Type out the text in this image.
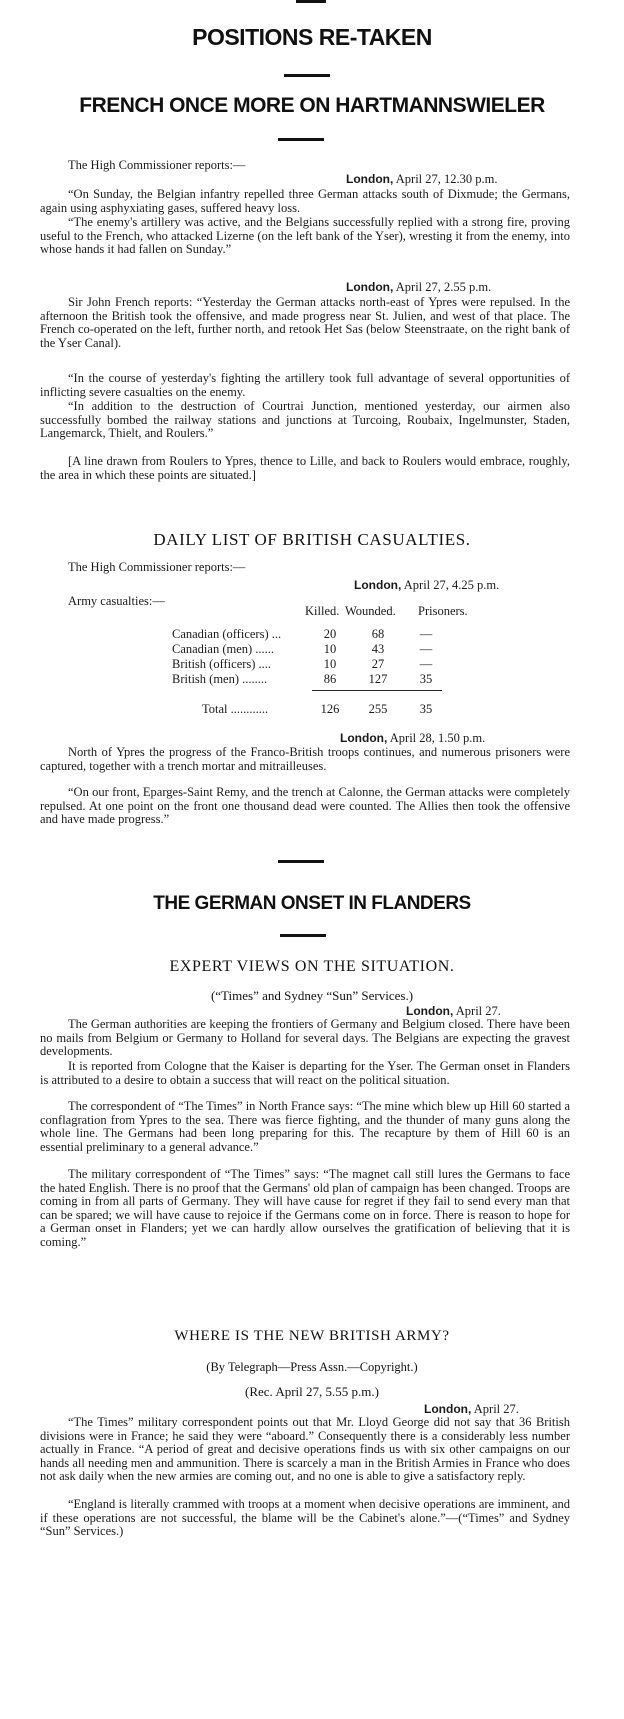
POSITIONS RE-TAKEN
FRENCH ONCE MORE ON HARTMANNSWIELER
The High Commissioner reports:—
London, April 27, 12.30 p.m.

“On Sunday, the Belgian infantry repelled three German attacks south of Dixmude; the Germans, again using asphyxiating gases, suffered heavy loss.

“The enemy's artillery was active, and the Belgians successfully replied with a strong fire, proving useful to the French, who attacked Lizerne (on the left bank of the Yser), wresting it from the enemy, into whose hands it had fallen on Sunday.”

London, April 27, 2.55 p.m.

Sir John French reports: “Yesterday the German attacks north-east of Ypres were repulsed. In the afternoon the British took the offensive, and made progress near St. Julien, and west of that place. The French co-operated on the left, further north, and retook Het Sas (below Steenstraate, on the right bank of the Yser Canal).

“In the course of yesterday's fighting the artillery took full advantage of several opportunities of inflicting severe casualties on the enemy.

“In addition to the destruction of Courtrai Junction, mentioned yesterday, our airmen also successfully bombed the railway stations and junctions at Turcoing, Roubaix, Ingelmunster, Staden, Langemarck, Thielt, and Roulers.”

[A line drawn from Roulers to Ypres, thence to Lille, and back to Roulers would embrace, roughly, the area in which these points are situated.]

DAILY LIST OF BRITISH CASUALTIES.
The High Commissioner reports:—
London, April 27, 4.25 p.m.
Army casualties:—
Killed. Wounded. Prisoners.
Canadian (officers) ...	20	68	—
Canadian (men) ......	10	43	—
British (officers) ....	10	27	—
British (men) ........	86	127	35
Total ............	126	255	35
London, April 28, 1.50 p.m.

North of Ypres the progress of the Franco-British troops continues, and numerous prisoners were captured, together with a trench mortar and mitrailleuses.

“On our front, Eparges-Saint Remy, and the trench at Calonne, the German attacks were completely repulsed. At one point on the front one thousand dead were counted. The Allies then took the offensive and have made progress.”

THE GERMAN ONSET IN FLANDERS
EXPERT VIEWS ON THE SITUATION.
(“Times” and Sydney “Sun” Services.)
London, April 27.

The German authorities are keeping the frontiers of Germany and Belgium closed. There have been no mails from Belgium or Germany to Holland for several days. The Belgians are expecting the gravest developments.

It is reported from Cologne that the Kaiser is departing for the Yser. The German onset in Flanders is attributed to a desire to obtain a success that will react on the political situation.

The correspondent of “The Times” in North France says: “The mine which blew up Hill 60 started a conflagration from Ypres to the sea. There was fierce fighting, and the thunder of many guns along the whole line. The Germans had been long preparing for this. The recapture by them of Hill 60 is an essential preliminary to a general advance.”

The military correspondent of “The Times” says: “The magnet call still lures the Germans to face the hated English. There is no proof that the Germans' old plan of campaign has been changed. Troops are coming in from all parts of Germany. They will have cause for regret if they fail to send every man that can be spared; we will have cause to rejoice if the Germans come on in force. There is reason to hope for a German onset in Flanders; yet we can hardly allow ourselves the gratification of believing that it is coming.”

WHERE IS THE NEW BRITISH ARMY?
(By Telegraph—Press Assn.—Copyright.)
(Rec. April 27, 5.55 p.m.)
London, April 27.

“The Times” military correspondent points out that Mr. Lloyd George did not say that 36 British divisions were in France; he said they were “aboard.” Consequently there is a considerably less number actually in France. “A period of great and decisive operations finds us with six other campaigns on our hands all needing men and ammunition. There is scarcely a man in the British Armies in France who does not ask daily when the new armies are coming out, and no one is able to give a satisfactory reply.

“England is literally crammed with troops at a moment when decisive operations are imminent, and if these operations are not successful, the blame will be the Cabinet's alone.”—(“Times” and Sydney “Sun” Services.)
